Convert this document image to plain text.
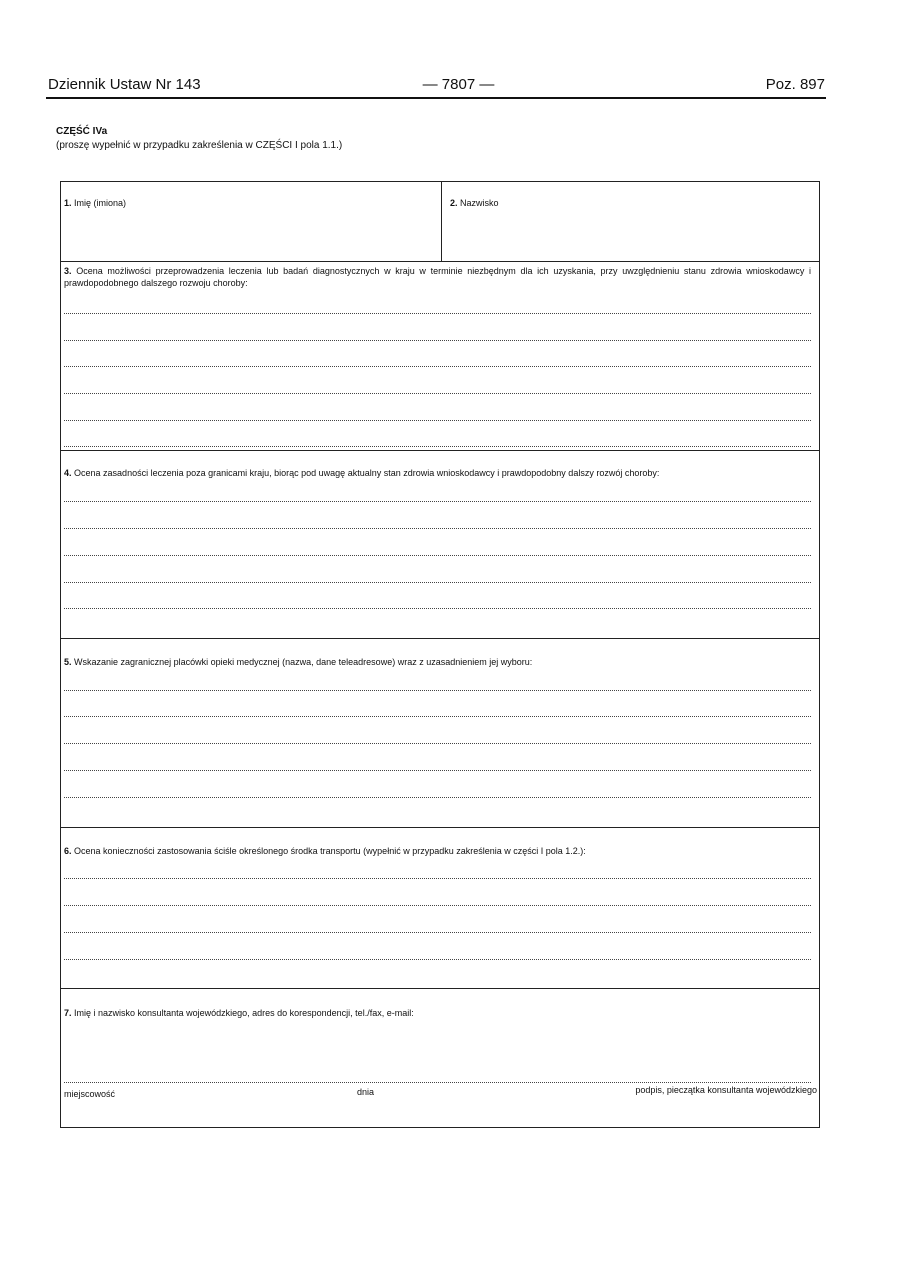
Dziennik Ustaw Nr 143	— 7807 —	Poz. 897
CZĘŚĆ IVa
(proszę wypełnić w przypadku zakreślenia w CZĘŚCI I pola 1.1.)
1. Imię (imiona)	2. Nazwisko
3. Ocena możliwości przeprowadzenia leczenia lub badań diagnostycznych w kraju w terminie niezbędnym dla ich uzyskania, przy uwzględnieniu stanu zdrowia wnioskodawcy i prawdopodobnego dalszego rozwoju choroby:
4. Ocena zasadności leczenia poza granicami kraju, biorąc pod uwagę aktualny stan zdrowia wnioskodawcy i prawdopodobny dalszy rozwój choroby:
5. Wskazanie zagranicznej placówki opieki medycznej (nazwa, dane teleadresowe) wraz z uzasadnieniem jej wyboru:
6. Ocena konieczności zastosowania ściśle określonego środka transportu (wypełnić w przypadku zakreślenia w części I pola 1.2.):
7. Imię i nazwisko konsultanta wojewódzkiego, adres do korespondencji, tel./fax, e-mail:
miejscowość	dnia	podpis, pieczątka konsultanta wojewódzkiego
